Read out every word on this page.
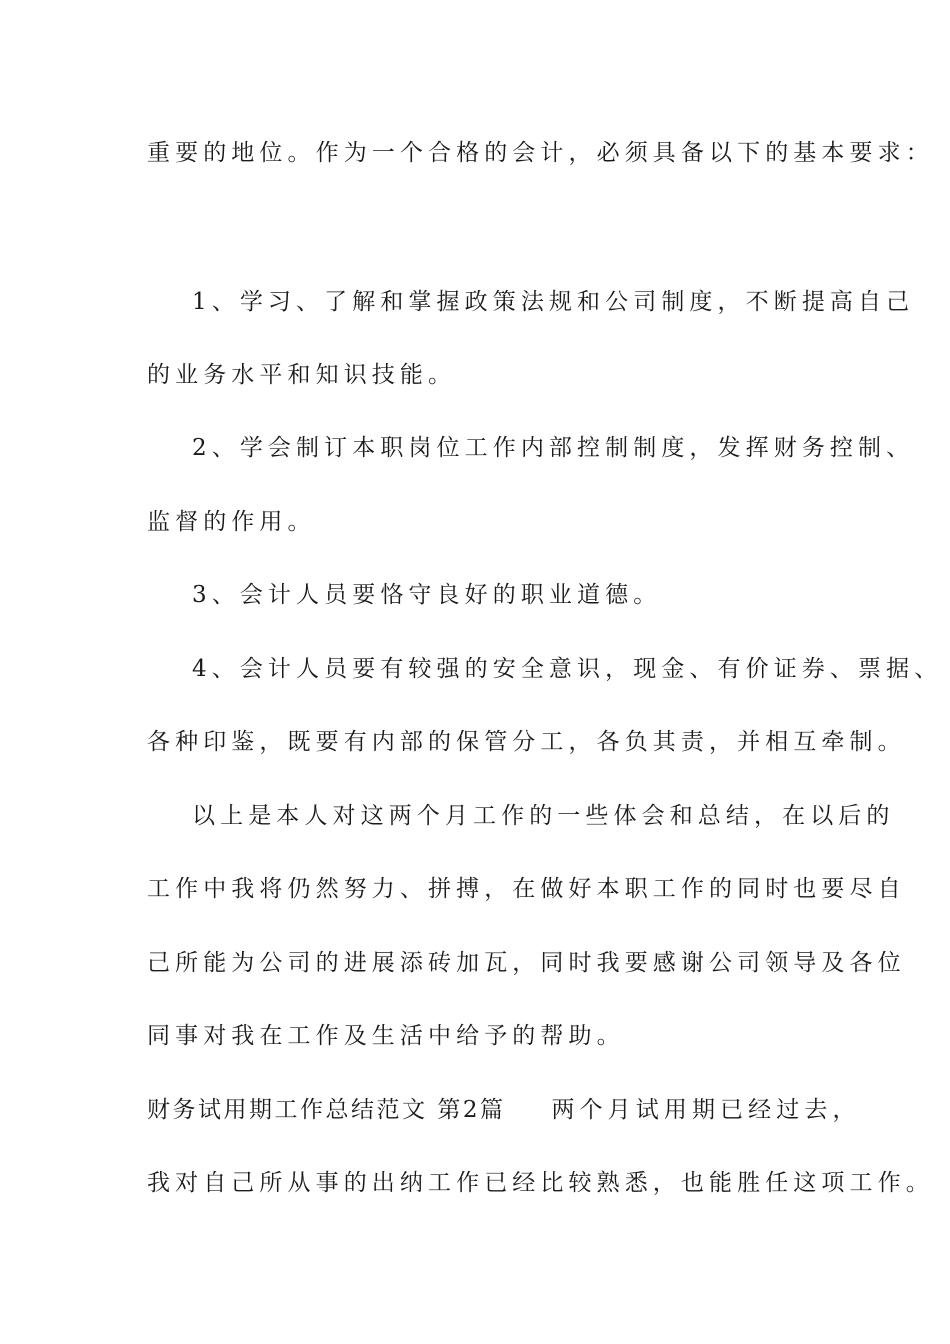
重要的地位。作为一个合格的会计，必须具备以下的基本要求：
1、学习、了解和掌握政策法规和公司制度，不断提高自己
的业务水平和知识技能。
2、学会制订本职岗位工作内部控制制度，发挥财务控制、
监督的作用。
3、会计人员要恪守良好的职业道德。
4、会计人员要有较强的安全意识，现金、有价证券、票据、
各种印鉴，既要有内部的保管分工，各负其责，并相互牵制。
以上是本人对这两个月工作的一些体会和总结，在以后的
工作中我将仍然努力、拼搏，在做好本职工作的同时也要尽自
己所能为公司的进展添砖加瓦，同时我要感谢公司领导及各位
同事对我在工作及生活中给予的帮助。
财务试用期工作总结范文 第2篇 两个月试用期已经过去，
我对自己所从事的出纳工作已经比较熟悉，也能胜任这项工作。
